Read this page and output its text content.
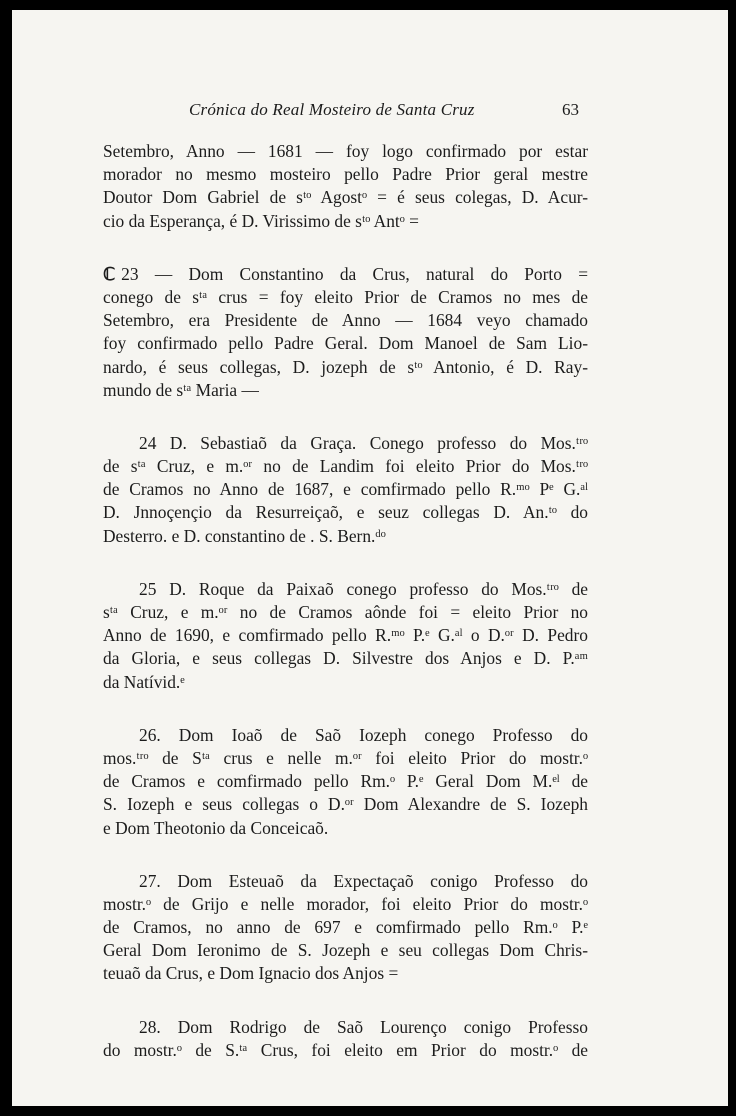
Crónica do Real Mosteiro de Santa Cruz	63
Setembro, Anno — 1681 — foy logo confirmado por estar
morador no mesmo mosteiro pello Padre Prior geral mestre
Doutor Dom Gabriel de sᵗᵒ Agostᵒ = é seus colegas, D. Acur-
cio da Esperança, é D. Virissimo de sᵗᵒ Antᵒ =
ℂ 23 — Dom Constantino da Crus, natural do Porto =
conego de sᵗᵃ crus = foy eleito Prior de Cramos no mes de
Setembro, era Presidente de Anno — 1684 veyo chamado
foy confirmado pello Padre Geral. Dom Manoel de Sam Lio-
nardo, é seus collegas, D. jozeph de sᵗᵒ Antonio, é D. Ray-
mundo de sᵗᵃ Maria —
24 D. Sebastiaõ da Graça. Conego professo do Mos.ᵗʳᵒ
de sᵗᵃ Cruz, e m.ᵒʳ no de Landim foi eleito Prior do Mos.ᵗʳᵒ
de Cramos no Anno de 1687, e comfirmado pello R.ᵐᵒ Pᵉ G.ᵃˡ
D. Jnnoçençio da Resurreiçaõ, e seuz collegas D. An.ᵗᵒ do
Desterro. e D. constantino de . S. Bern.ᵈᵒ
25 D. Roque da Paixaõ conego professo do Mos.ᵗʳᵒ de
sᵗᵃ Cruz, e m.ᵒʳ no de Cramos aônde foi = eleito Prior no
Anno de 1690, e comfirmado pello R.ᵐᵒ P.ᵉ G.ᵃˡ o D.ᵒʳ D. Pedro
da Gloria, e seus collegas D. Silvestre dos Anjos e D. P.ᵃᵐ
da Natívid.ᵉ
26. Dom Ioaõ de Saõ Iozeph conego Professo do
mos.ᵗʳᵒ de Sᵗᵃ crus e nelle m.ᵒʳ foi eleito Prior do mostr.ᵒ
de Cramos e comfirmado pello Rm.ᵒ P.ᵉ Geral Dom M.ᵉˡ de
S. Iozeph e seus collegas o D.ᵒʳ Dom Alexandre de S. Iozeph
e Dom Theotonio da Conceicaõ.
27. Dom Esteuaõ da Expectaçaõ conigo Professo do
mostr.ᵒ de Grijo e nelle morador, foi eleito Prior do mostr.ᵒ
de Cramos, no anno de 697 e comfirmado pello Rm.ᵒ P.ᵉ
Geral Dom Ieronimo de S. Jozeph e seu collegas Dom Chris-
teuaõ da Crus, e Dom Ignacio dos Anjos =
28. Dom Rodrigo de Saõ Lourenço conigo Professo
do mostr.ᵒ de S.ᵗᵃ Crus, foi eleito em Prior do mostr.ᵒ de
